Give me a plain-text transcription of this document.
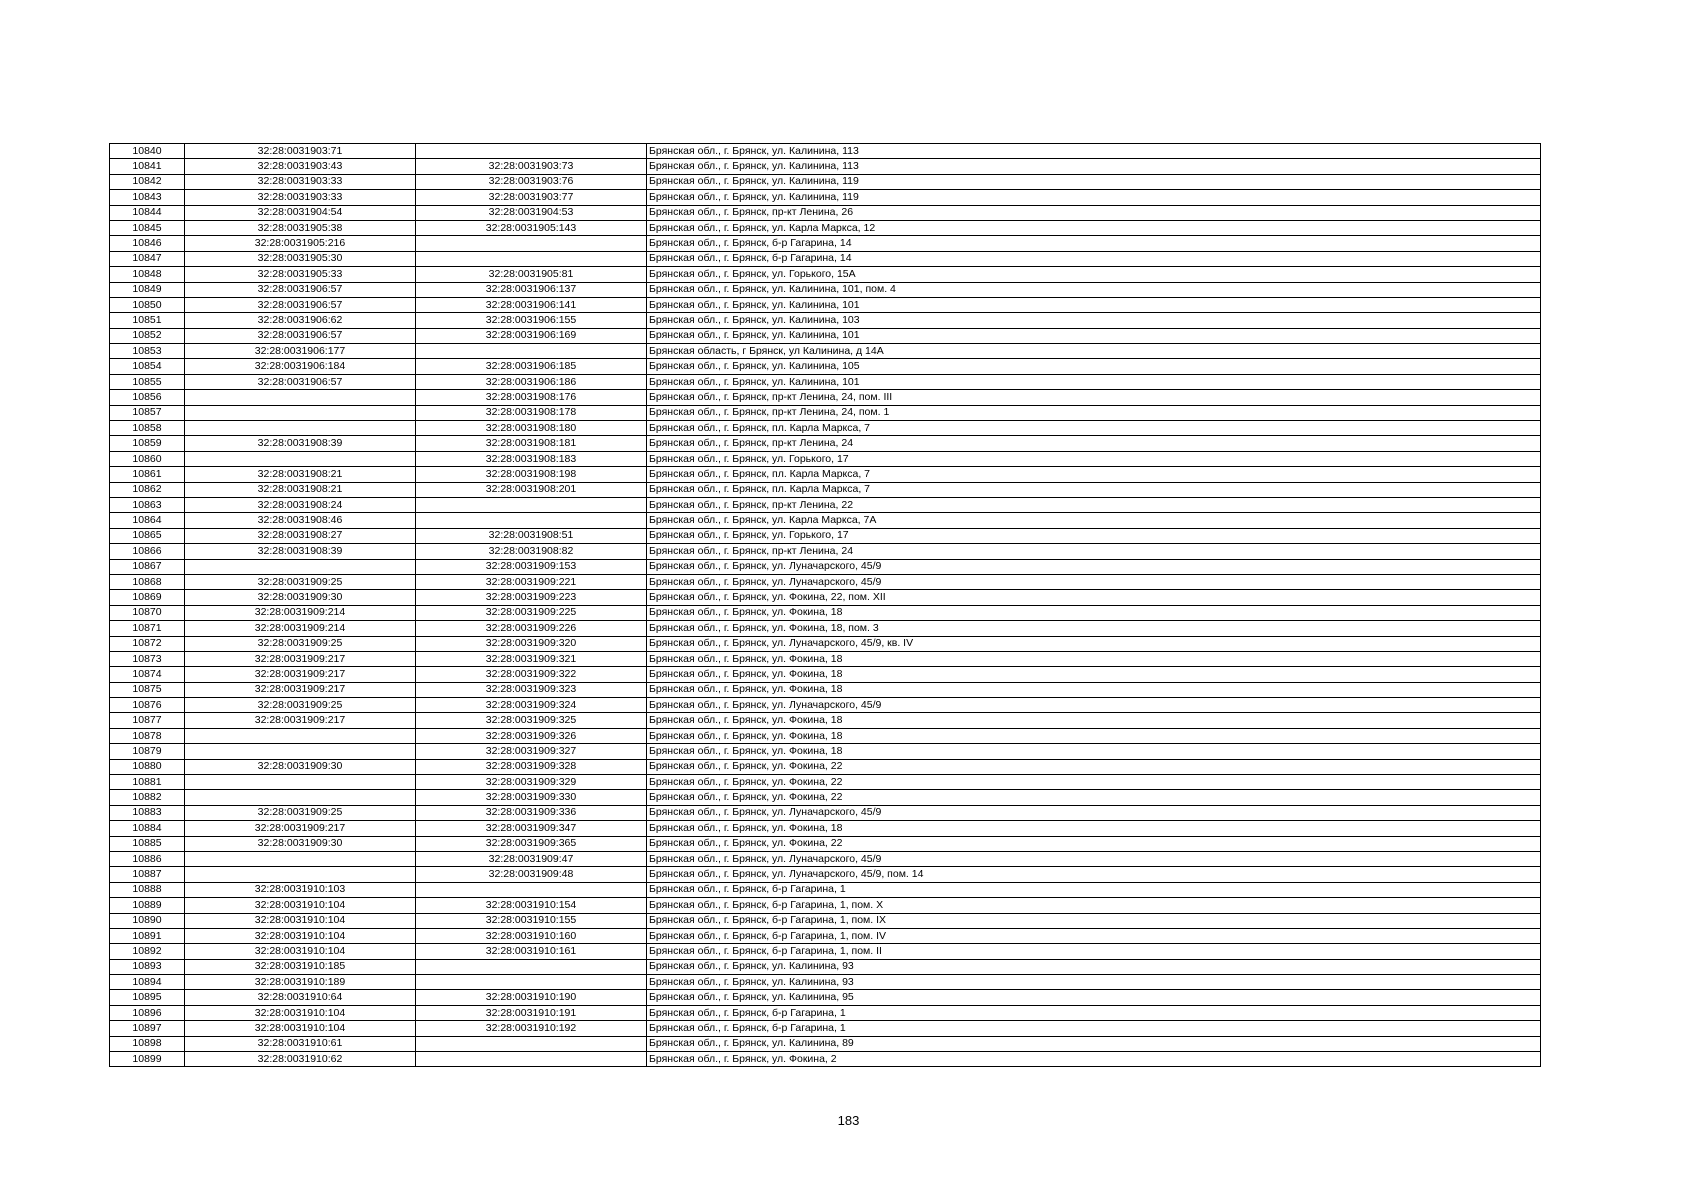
10840	32:28:0031903:71		Брянская обл., г. Брянск, ул. Калинина, 113
10841	32:28:0031903:43	32:28:0031903:73	Брянская обл., г. Брянск, ул. Калинина, 113
10842	32:28:0031903:33	32:28:0031903:76	Брянская обл., г. Брянск, ул. Калинина, 119
10843	32:28:0031903:33	32:28:0031903:77	Брянская обл., г. Брянск, ул. Калинина, 119
10844	32:28:0031904:54	32:28:0031904:53	Брянская обл., г. Брянск, пр-кт Ленина, 26
10845	32:28:0031905:38	32:28:0031905:143	Брянская обл., г. Брянск, ул. Карла Маркса, 12
10846	32:28:0031905:216		Брянская обл., г. Брянск, б-р Гагарина, 14
10847	32:28:0031905:30		Брянская обл., г. Брянск, б-р Гагарина, 14
10848	32:28:0031905:33	32:28:0031905:81	Брянская обл., г. Брянск, ул. Горького, 15А
10849	32:28:0031906:57	32:28:0031906:137	Брянская обл., г. Брянск, ул. Калинина, 101, пом. 4
10850	32:28:0031906:57	32:28:0031906:141	Брянская обл., г. Брянск, ул. Калинина, 101
10851	32:28:0031906:62	32:28:0031906:155	Брянская обл., г. Брянск, ул. Калинина, 103
10852	32:28:0031906:57	32:28:0031906:169	Брянская обл., г. Брянск, ул. Калинина, 101
10853	32:28:0031906:177		Брянская область, г Брянск, ул Калинина, д 14А
10854	32:28:0031906:184	32:28:0031906:185	Брянская обл., г. Брянск, ул. Калинина, 105
10855	32:28:0031906:57	32:28:0031906:186	Брянская обл., г. Брянск, ул. Калинина, 101
10856		32:28:0031908:176	Брянская обл., г. Брянск, пр-кт Ленина, 24, пом. III
10857		32:28:0031908:178	Брянская обл., г. Брянск, пр-кт Ленина, 24, пом. 1
10858		32:28:0031908:180	Брянская обл., г. Брянск, пл. Карла Маркса, 7
10859	32:28:0031908:39	32:28:0031908:181	Брянская обл., г. Брянск, пр-кт Ленина, 24
10860		32:28:0031908:183	Брянская обл., г. Брянск, ул. Горького, 17
10861	32:28:0031908:21	32:28:0031908:198	Брянская обл., г. Брянск, пл. Карла Маркса, 7
10862	32:28:0031908:21	32:28:0031908:201	Брянская обл., г. Брянск, пл. Карла Маркса, 7
10863	32:28:0031908:24		Брянская обл., г. Брянск, пр-кт Ленина, 22
10864	32:28:0031908:46		Брянская обл., г. Брянск, ул. Карла Маркса, 7А
10865	32:28:0031908:27	32:28:0031908:51	Брянская обл., г. Брянск, ул. Горького, 17
10866	32:28:0031908:39	32:28:0031908:82	Брянская обл., г. Брянск, пр-кт Ленина, 24
10867		32:28:0031909:153	Брянская обл., г. Брянск, ул. Луначарского, 45/9
10868	32:28:0031909:25	32:28:0031909:221	Брянская обл., г. Брянск, ул. Луначарского, 45/9
10869	32:28:0031909:30	32:28:0031909:223	Брянская обл., г. Брянск, ул. Фокина, 22, пом. XII
10870	32:28:0031909:214	32:28:0031909:225	Брянская обл., г. Брянск, ул. Фокина, 18
10871	32:28:0031909:214	32:28:0031909:226	Брянская обл., г. Брянск, ул. Фокина, 18, пом. 3
10872	32:28:0031909:25	32:28:0031909:320	Брянская обл., г. Брянск, ул. Луначарского, 45/9, кв. IV
10873	32:28:0031909:217	32:28:0031909:321	Брянская обл., г. Брянск, ул. Фокина, 18
10874	32:28:0031909:217	32:28:0031909:322	Брянская обл., г. Брянск, ул. Фокина, 18
10875	32:28:0031909:217	32:28:0031909:323	Брянская обл., г. Брянск, ул. Фокина, 18
10876	32:28:0031909:25	32:28:0031909:324	Брянская обл., г. Брянск, ул. Луначарского, 45/9
10877	32:28:0031909:217	32:28:0031909:325	Брянская обл., г. Брянск, ул. Фокина, 18
10878		32:28:0031909:326	Брянская обл., г. Брянск, ул. Фокина, 18
10879		32:28:0031909:327	Брянская обл., г. Брянск, ул. Фокина, 18
10880	32:28:0031909:30	32:28:0031909:328	Брянская обл., г. Брянск, ул. Фокина, 22
10881		32:28:0031909:329	Брянская обл., г. Брянск, ул. Фокина, 22
10882		32:28:0031909:330	Брянская обл., г. Брянск, ул. Фокина, 22
10883	32:28:0031909:25	32:28:0031909:336	Брянская обл., г. Брянск, ул. Луначарского, 45/9
10884	32:28:0031909:217	32:28:0031909:347	Брянская обл., г. Брянск, ул. Фокина, 18
10885	32:28:0031909:30	32:28:0031909:365	Брянская обл., г. Брянск, ул. Фокина, 22
10886		32:28:0031909:47	Брянская обл., г. Брянск, ул. Луначарского, 45/9
10887		32:28:0031909:48	Брянская обл., г. Брянск, ул. Луначарского, 45/9, пом. 14
10888	32:28:0031910:103		Брянская обл., г. Брянск, б-р Гагарина, 1
10889	32:28:0031910:104	32:28:0031910:154	Брянская обл., г. Брянск, б-р Гагарина, 1, пом. X
10890	32:28:0031910:104	32:28:0031910:155	Брянская обл., г. Брянск, б-р Гагарина, 1, пом. IX
10891	32:28:0031910:104	32:28:0031910:160	Брянская обл., г. Брянск, б-р Гагарина, 1, пом. IV
10892	32:28:0031910:104	32:28:0031910:161	Брянская обл., г. Брянск, б-р Гагарина, 1, пом. II
10893	32:28:0031910:185		Брянская обл., г. Брянск, ул. Калинина, 93
10894	32:28:0031910:189		Брянская обл., г. Брянск, ул. Калинина, 93
10895	32:28:0031910:64	32:28:0031910:190	Брянская обл., г. Брянск, ул. Калинина, 95
10896	32:28:0031910:104	32:28:0031910:191	Брянская обл., г. Брянск, б-р Гагарина, 1
10897	32:28:0031910:104	32:28:0031910:192	Брянская обл., г. Брянск, б-р Гагарина, 1
10898	32:28:0031910:61		Брянская обл., г. Брянск, ул. Калинина, 89
10899	32:28:0031910:62		Брянская обл., г. Брянск, ул. Фокина, 2
183
